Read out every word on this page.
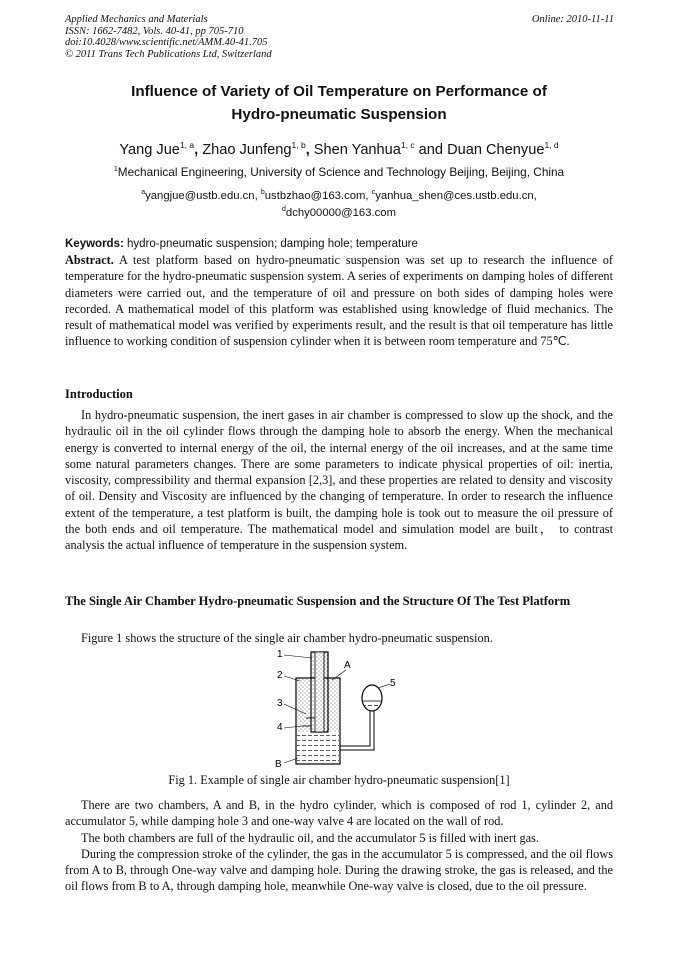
Applied Mechanics and Materials
ISSN: 1662-7482, Vols. 40-41, pp 705-710
doi:10.4028/www.scientific.net/AMM.40-41.705
© 2011 Trans Tech Publications Ltd, Switzerland
Online: 2010-11-11
Influence of Variety of Oil Temperature on Performance of
Hydro-pneumatic Suspension
Yang Jue$^{1, a}$, Zhao Junfeng$^{1, b}$, Shen Yanhua$^{1, c}$ and Duan Chenyue$^{1, d}$
$^1$Mechanical Engineering, University of Science and Technology Beijing, Beijing, China
$^a$yangjue@ustb.edu.cn, $^b$ustbzhao@163.com, $^c$yanhua_shen@ces.ustb.edu.cn,
$^d$dchy00000@163.com
Keywords: hydro-pneumatic suspension; damping hole; temperature
Abstract. A test platform based on hydro-pneumatic suspension was set up to research the influence of temperature for the hydro-pneumatic suspension system. A series of experiments on damping holes of different diameters were carried out, and the temperature of oil and pressure on both sides of damping holes were recorded. A mathematical model of this platform was established using knowledge of fluid mechanics. The result of mathematical model was verified by experiments result, and the result is that oil temperature has little influence to working condition of suspension cylinder when it is between room temperature and 75℃.
Introduction

In hydro-pneumatic suspension, the inert gases in air chamber is compressed to slow up the shock, and the hydraulic oil in the oil cylinder flows through the damping hole to absorb the energy. When the mechanical energy is converted to internal energy of the oil, the internal energy of the oil increases, and at the same time some natural parameters changes. There are some parameters to indicate physical properties of oil: inertia, viscosity, compressibility and thermal expansion [2,3], and these properties are related to density and viscosity of oil. Density and Viscosity are influenced by the changing of temperature. In order to research the influence extent of the temperature, a test platform is built, the damping hole is took out to measure the oil pressure of the both ends and oil temperature. The mathematical model and simulation model are built， to contrast analysis the actual influence of temperature in the suspension system.

The Single Air Chamber Hydro-pneumatic Suspension and the Structure Of The Test Platform

Figure 1 shows the structure of the single air chamber hydro-pneumatic suspension.

1
2
3
4
A
B
5
Fig 1. Example of single air chamber hydro-pneumatic suspension[1]

There are two chambers, A and B, in the hydro cylinder, which is composed of rod 1, cylinder 2, and accumulator 5, while damping hole 3 and one-way valve 4 are located on the wall of rod.

The both chambers are full of the hydraulic oil, and the accumulator 5 is filled with inert gas.

During the compression stroke of the cylinder, the gas in the accumulator 5 is compressed, and the oil flows from A to B, through One-way valve and damping hole. During the drawing stroke, the gas is released, and the oil flows from B to A, through damping hole, meanwhile One-way valve is closed, due to the oil pressure.
